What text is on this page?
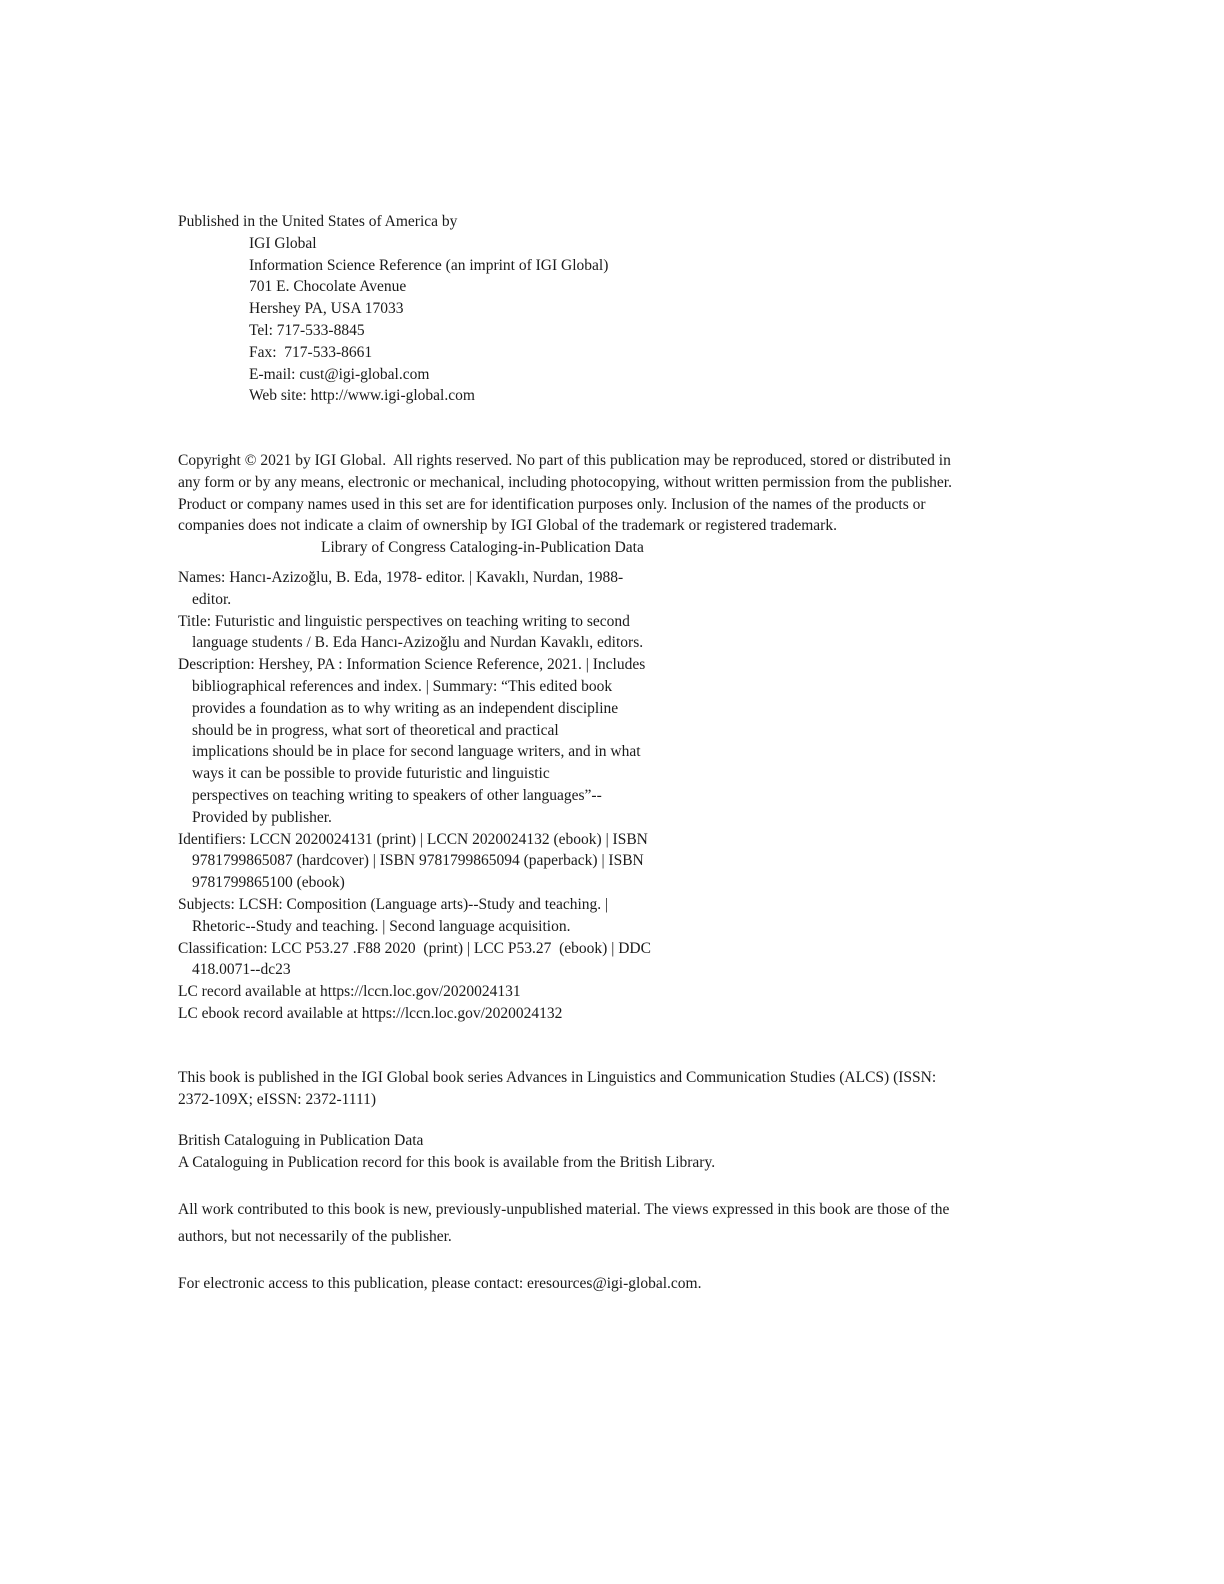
Published in the United States of America by
IGI Global
Information Science Reference (an imprint of IGI Global)
701 E. Chocolate Avenue
Hershey PA, USA 17033
Tel: 717-533-8845
Fax:  717-533-8661
E-mail: cust@igi-global.com
Web site: http://www.igi-global.com
Copyright © 2021 by IGI Global.  All rights reserved. No part of this publication may be reproduced, stored or distributed in
any form or by any means, electronic or mechanical, including photocopying, without written permission from the publisher.
Product or company names used in this set are for identification purposes only. Inclusion of the names of the products or
companies does not indicate a claim of ownership by IGI Global of the trademark or registered trademark.
Library of Congress Cataloging-in-Publication Data
Names: Hancı-Azizoğlu, B. Eda, 1978- editor. | Kavaklı, Nurdan, 1988-
editor.
Title: Futuristic and linguistic perspectives on teaching writing to second
language students / B. Eda Hancı-Azizoğlu and Nurdan Kavaklı, editors.
Description: Hershey, PA : Information Science Reference, 2021. | Includes
bibliographical references and index. | Summary: “This edited book
provides a foundation as to why writing as an independent discipline
should be in progress, what sort of theoretical and practical
implications should be in place for second language writers, and in what
ways it can be possible to provide futuristic and linguistic
perspectives on teaching writing to speakers of other languages”--
Provided by publisher.
Identifiers: LCCN 2020024131 (print) | LCCN 2020024132 (ebook) | ISBN
9781799865087 (hardcover) | ISBN 9781799865094 (paperback) | ISBN
9781799865100 (ebook)
Subjects: LCSH: Composition (Language arts)--Study and teaching. |
Rhetoric--Study and teaching. | Second language acquisition.
Classification: LCC P53.27 .F88 2020  (print) | LCC P53.27  (ebook) | DDC
418.0071--dc23
LC record available at https://lccn.loc.gov/2020024131
LC ebook record available at https://lccn.loc.gov/2020024132
This book is published in the IGI Global book series Advances in Linguistics and Communication Studies (ALCS) (ISSN:
2372-109X; eISSN: 2372-1111)
British Cataloguing in Publication Data
A Cataloguing in Publication record for this book is available from the British Library.
All work contributed to this book is new, previously-unpublished material. The views expressed in this book are those of the
authors, but not necessarily of the publisher.
For electronic access to this publication, please contact: eresources@igi-global.com.
